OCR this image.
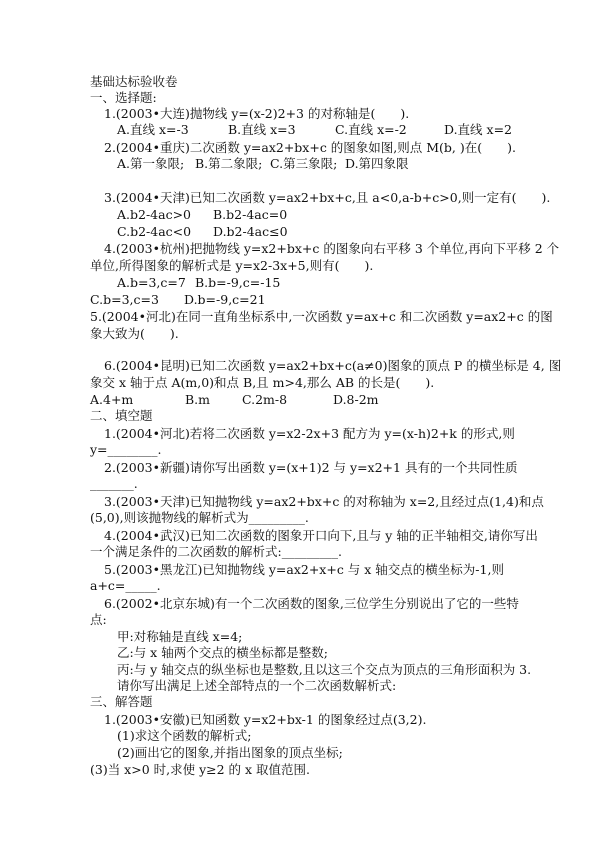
基础达标验收卷
一、选择题:
1.(2003•大连)抛物线 y=(x-2)2+3 的对称轴是(　　).
A.直线 x=-3	B.直线 x=3	C.直线 x=-2	D.直线 x=2
2.(2004•重庆)二次函数 y=ax2+bx+c 的图象如图,则点 M(b, )在(　　).
A.第一象限; B.第二象限; C.第三象限; D.第四象限
3.(2004•天津)已知二次函数 y=ax2+bx+c,且 a<0,a-b+c>0,则一定有(　　).
A.b2-4ac>0 B.b2-4ac=0
C.b2-4ac<0 D.b2-4ac≤0
4.(2003•杭州)把抛物线 y=x2+bx+c 的图象向右平移 3 个单位,再向下平移 2 个
单位,所得图象的解析式是 y=x2-3x+5,则有(　　).
A.b=3,c=7 B.b=-9,c=-15
C.b=3,c=3 D.b=-9,c=21
5.(2004•河北)在同一直角坐标系中,一次函数 y=ax+c 和二次函数 y=ax2+c 的图
象大致为(　　).
6.(2004•昆明)已知二次函数 y=ax2+bx+c(a≠0)图象的顶点 P 的横坐标是 4, 图
象交 x 轴于点 A(m,0)和点 B,且 m>4,那么 AB 的长是(　　).
A.4+m	B.m	C.2m-8	D.8-2m
二、填空题
1.(2004•河北)若将二次函数 y=x2-2x+3 配方为 y=(x-h)2+k 的形式,则
y=________.
2.(2003•新疆)请你写出函数 y=(x+1)2 与 y=x2+1 具有的一个共同性质
_______.
3.(2003•天津)已知抛物线 y=ax2+bx+c 的对称轴为 x=2,且经过点(1,4)和点
(5,0),则该抛物线的解析式为_________.
4.(2004•武汉)已知二次函数的图象开口向下,且与 y 轴的正半轴相交,请你写出
一个满足条件的二次函数的解析式:_________.
5.(2003•黑龙江)已知抛物线 y=ax2+x+c 与 x 轴交点的横坐标为-1,则
a+c=_____.
6.(2002•北京东城)有一个二次函数的图象,三位学生分别说出了它的一些特
点:
甲:对称轴是直线 x=4;
乙:与 x 轴两个交点的横坐标都是整数;
丙:与 y 轴交点的纵坐标也是整数,且以这三个交点为顶点的三角形面积为 3.
请你写出满足上述全部特点的一个二次函数解析式:
三、解答题
1.(2003•安徽)已知函数 y=x2+bx-1 的图象经过点(3,2).
(1)求这个函数的解析式;
(2)画出它的图象,并指出图象的顶点坐标;
(3)当 x>0 时,求使 y≥2 的 x 取值范围.
